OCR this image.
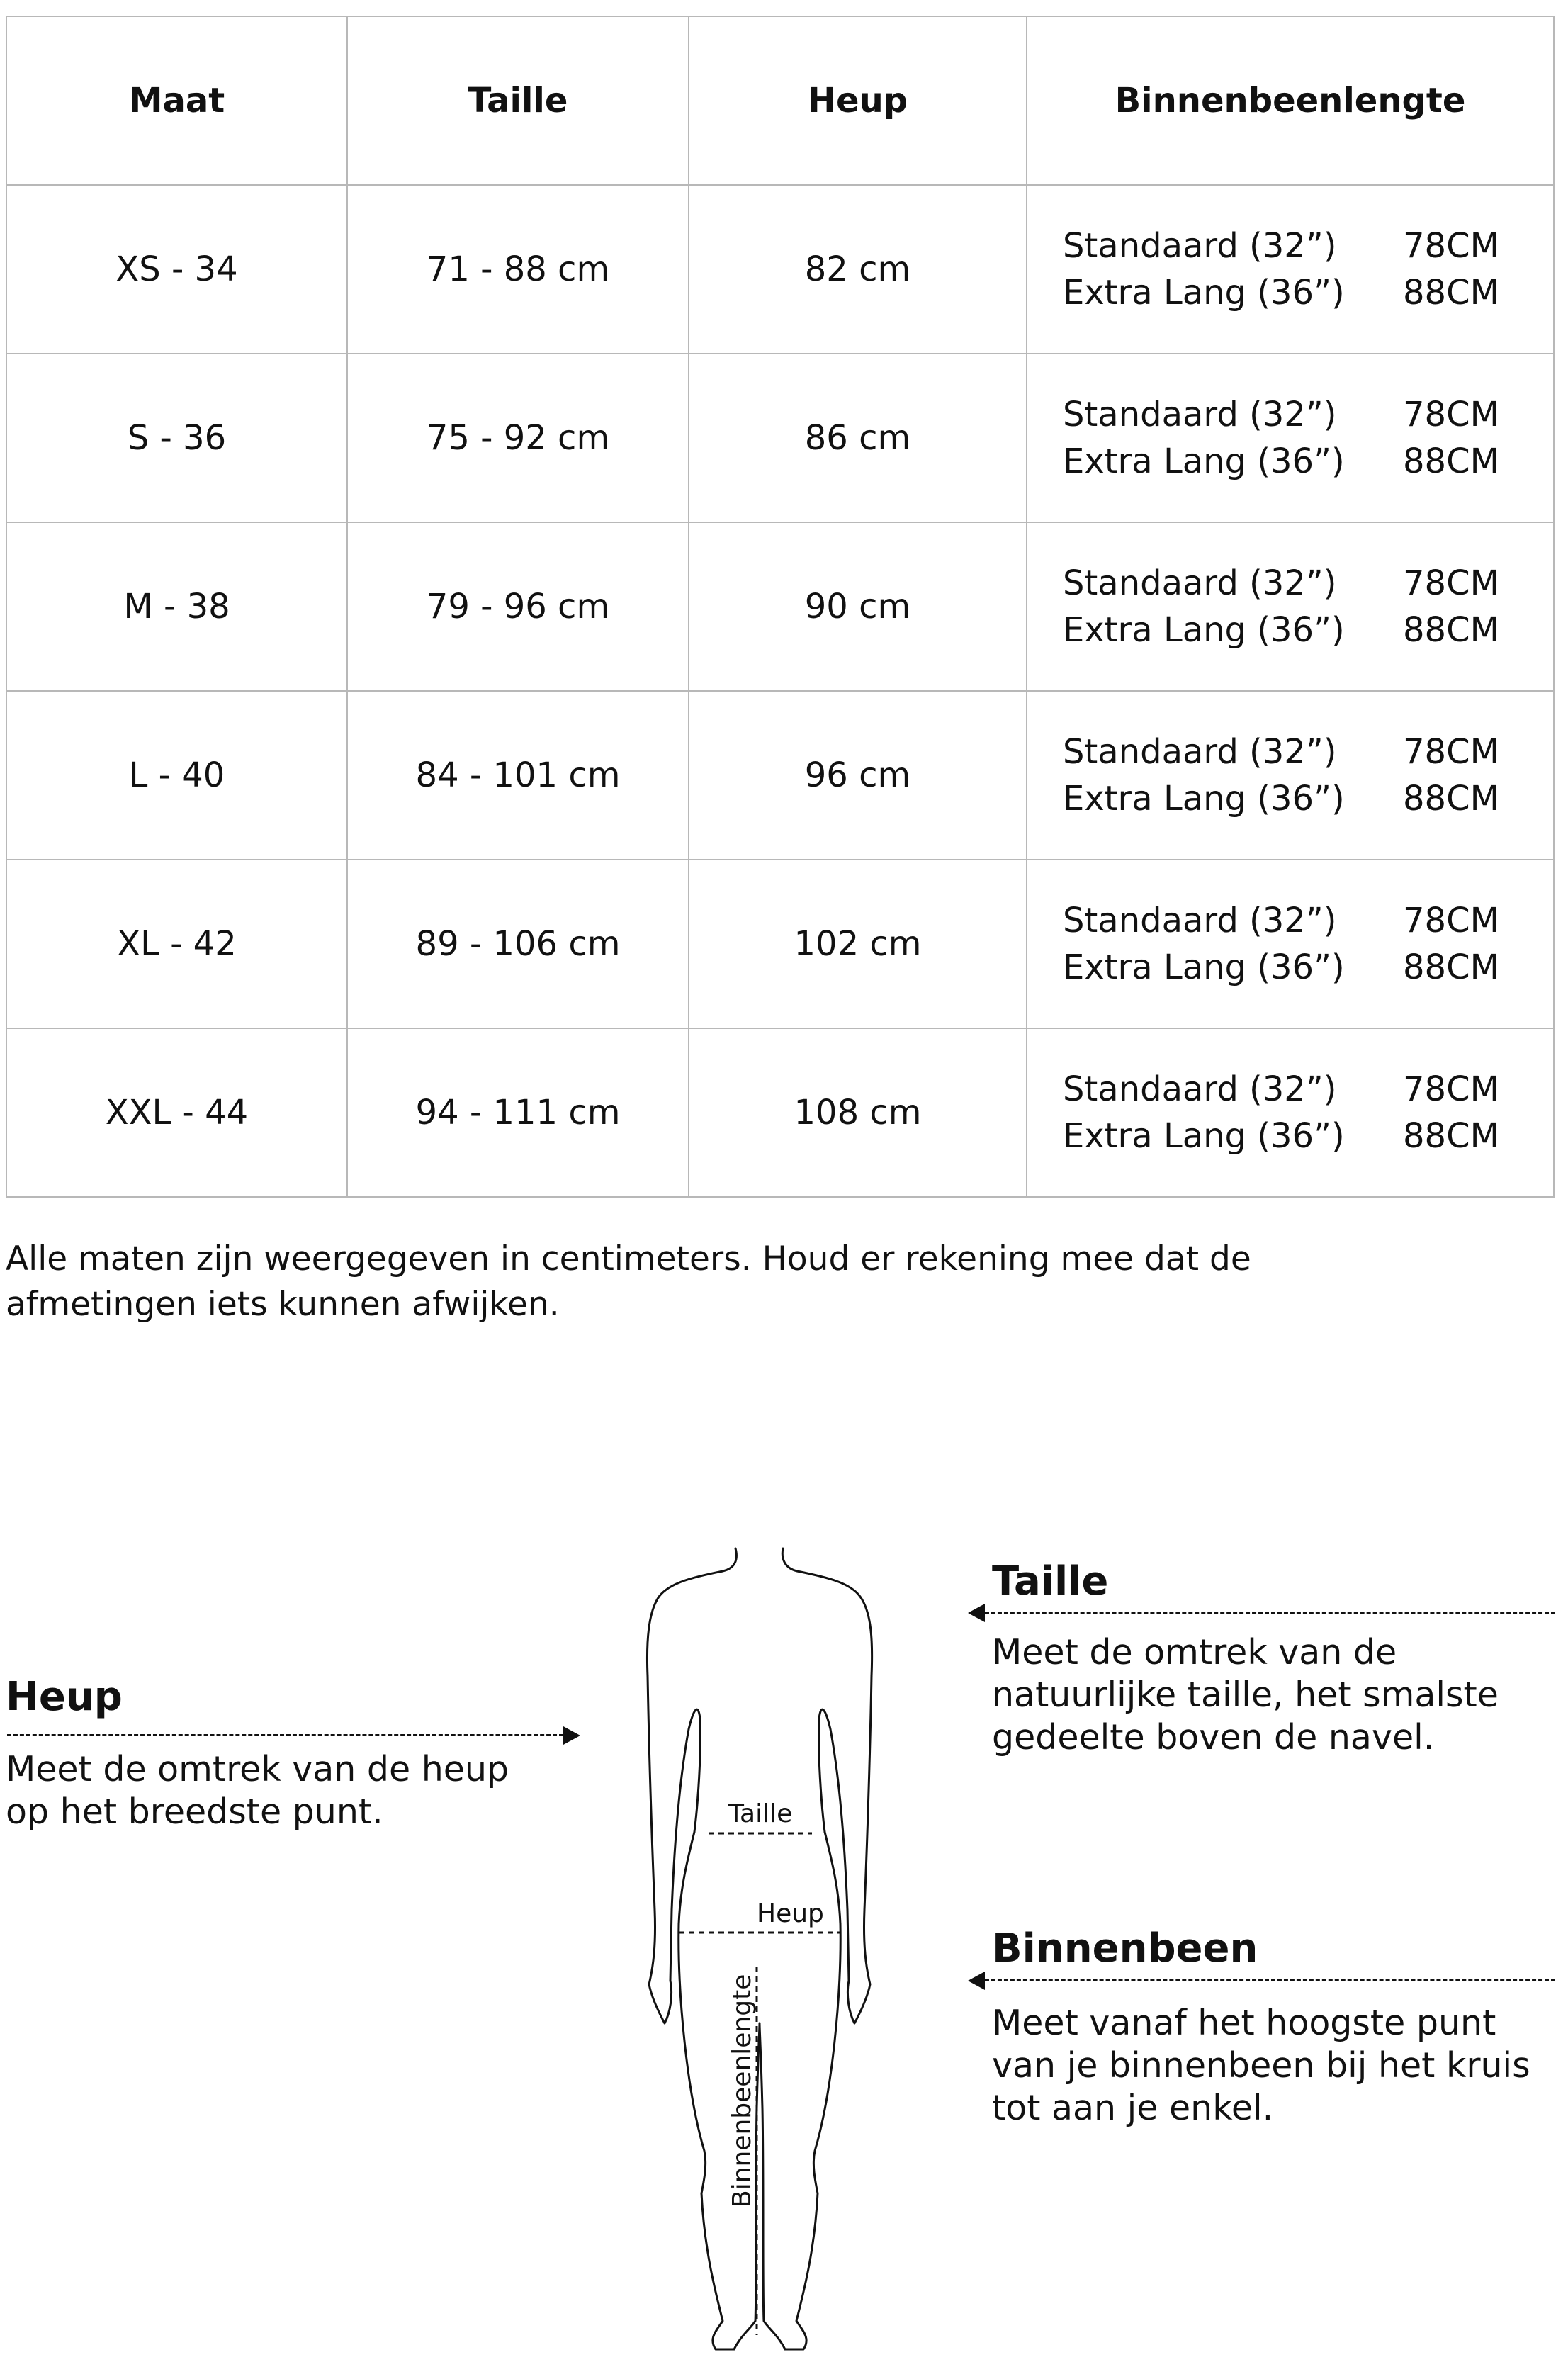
Maat	Taille	Heup	Binnenbeenlengte
XS - 34	71 - 88 cm	82 cm	Standaard (32”) 78CM
Extra Lang (36”) 88CM

S - 36	75 - 92 cm	86 cm	Standaard (32”) 78CM
Extra Lang (36”) 88CM

M - 38	79 - 96 cm	90 cm	Standaard (32”) 78CM
Extra Lang (36”) 88CM

L - 40	84 - 101 cm	96 cm	Standaard (32”) 78CM
Extra Lang (36”) 88CM

XL - 42	89 - 106 cm	102 cm	Standaard (32”) 78CM
Extra Lang (36”) 88CM

XXL - 44	94 - 111 cm	108 cm	Standaard (32”) 78CM
Extra Lang (36”) 88CM

Alle maten zijn weergegeven in centimeters. Houd er rekening mee dat de afmetingen iets kunnen afwijken.

Heup

Meet de omtrek van de heup op het breedste punt.

Taille

Meet de omtrek van de natuurlijke taille, het smalste gedeelte boven de navel.

Binnenbeen

Meet vanaf het hoogste punt van je binnenbeen bij het kruis tot aan je enkel.

Taille
Heup
Binnenbeenlengte
